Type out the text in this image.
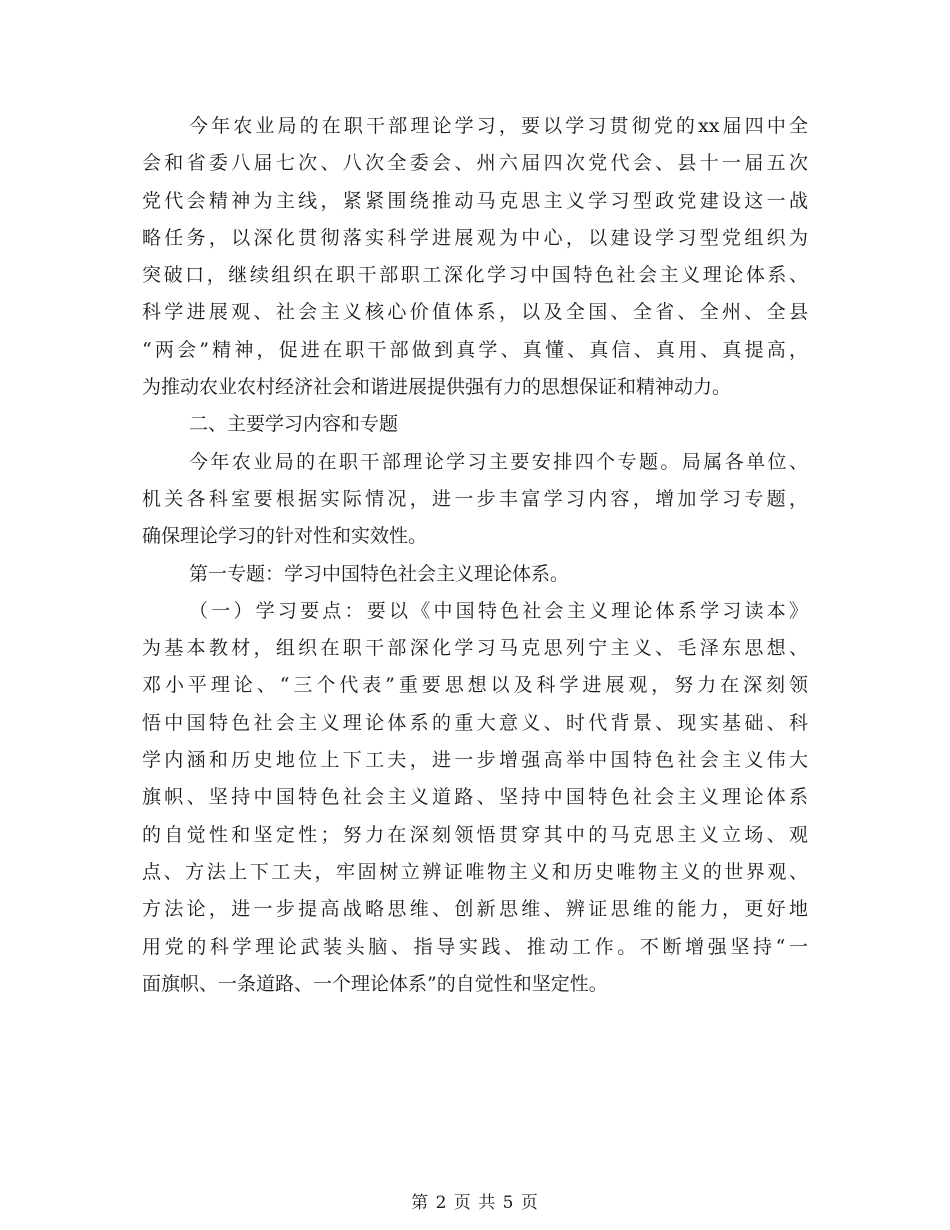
今年农业局的在职干部理论学习，要以学习贯彻党的xx届四中全
会和省委八届七次、八次全委会、州六届四次党代会、县十一届五次
党代会精神为主线，紧紧围绕推动马克思主义学习型政党建设这一战
略任务，以深化贯彻落实科学进展观为中心，以建设学习型党组织为
突破口，继续组织在职干部职工深化学习中国特色社会主义理论体系、
科学进展观、社会主义核心价值体系，以及全国、全省、全州、全县
“两会”精神，促进在职干部做到真学、真懂、真信、真用、真提高，
为推动农业农村经济社会和谐进展提供强有力的思想保证和精神动力。
二、主要学习内容和专题
今年农业局的在职干部理论学习主要安排四个专题。局属各单位、
机关各科室要根据实际情况，进一步丰富学习内容，增加学习专题，
确保理论学习的针对性和实效性。
第一专题：学习中国特色社会主义理论体系。
（一）学习要点：要以《中国特色社会主义理论体系学习读本》
为基本教材，组织在职干部深化学习马克思列宁主义、毛泽东思想、
邓小平理论、“三个代表”重要思想以及科学进展观，努力在深刻领
悟中国特色社会主义理论体系的重大意义、时代背景、现实基础、科
学内涵和历史地位上下工夫，进一步增强高举中国特色社会主义伟大
旗帜、坚持中国特色社会主义道路、坚持中国特色社会主义理论体系
的自觉性和坚定性；努力在深刻领悟贯穿其中的马克思主义立场、观
点、方法上下工夫，牢固树立辨证唯物主义和历史唯物主义的世界观、
方法论，进一步提高战略思维、创新思维、辨证思维的能力，更好地
用党的科学理论武装头脑、指导实践、推动工作。不断增强坚持“一
面旗帜、一条道路、一个理论体系”的自觉性和坚定性。
第 2 页 共 5 页
